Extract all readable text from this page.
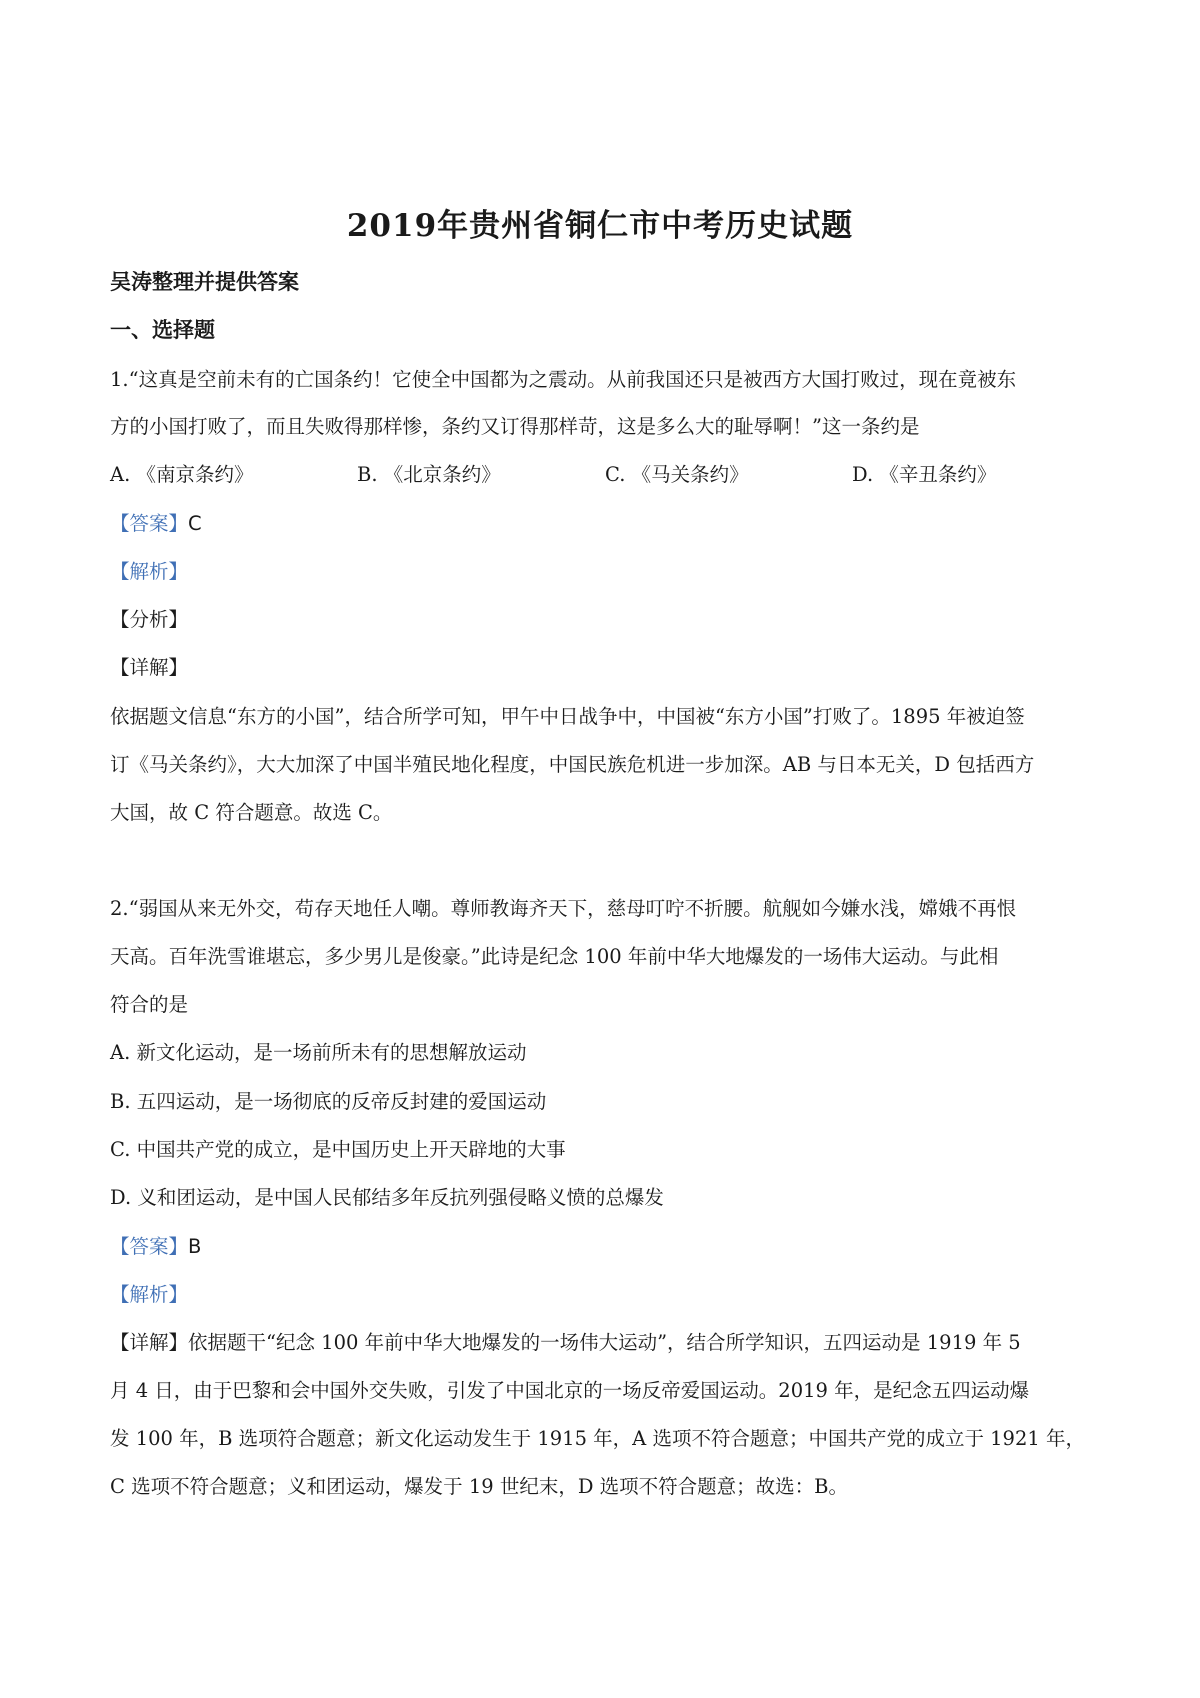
2019年贵州省铜仁市中考历史试题
吴涛整理并提供答案
一、选择题
1.“这真是空前未有的亡国条约！它使全中国都为之震动。从前我国还只是被西方大国打败过，现在竟被东
方的小国打败了，而且失败得那样惨，条约又订得那样苛，这是多么大的耻辱啊！”这一条约是
A. 《南京条约》	B. 《北京条约》	C. 《马关条约》	D. 《辛丑条约》
【答案】C
【解析】
【分析】
【详解】
依据题文信息“东方的小国”，结合所学可知，甲午中日战争中，中国被“东方小国”打败了。1895 年被迫签
订《马关条约》，大大加深了中国半殖民地化程度，中国民族危机进一步加深。AB 与日本无关，D 包括西方
大国，故 C 符合题意。故选 C。
2.“弱国从来无外交，苟存天地任人嘲。尊师教诲齐天下，慈母叮咛不折腰。航舰如今嫌水浅，嫦娥不再恨
天高。百年洗雪谁堪忘，多少男儿是俊豪。”此诗是纪念 100 年前中华大地爆发的一场伟大运动。与此相
符合的是
A. 新文化运动，是一场前所未有的思想解放运动
B. 五四运动，是一场彻底的反帝反封建的爱国运动
C. 中国共产党的成立，是中国历史上开天辟地的大事
D. 义和团运动，是中国人民郁结多年反抗列强侵略义愤的总爆发
【答案】B
【解析】
【详解】依据题干“纪念 100 年前中华大地爆发的一场伟大运动”，结合所学知识，五四运动是 1919 年 5
月 4 日，由于巴黎和会中国外交失败，引发了中国北京的一场反帝爱国运动。2019 年，是纪念五四运动爆
发 100 年，B 选项符合题意；新文化运动发生于 1915 年，A 选项不符合题意；中国共产党的成立于 1921 年，
C 选项不符合题意；义和团运动，爆发于 19 世纪末，D 选项不符合题意；故选：B。
